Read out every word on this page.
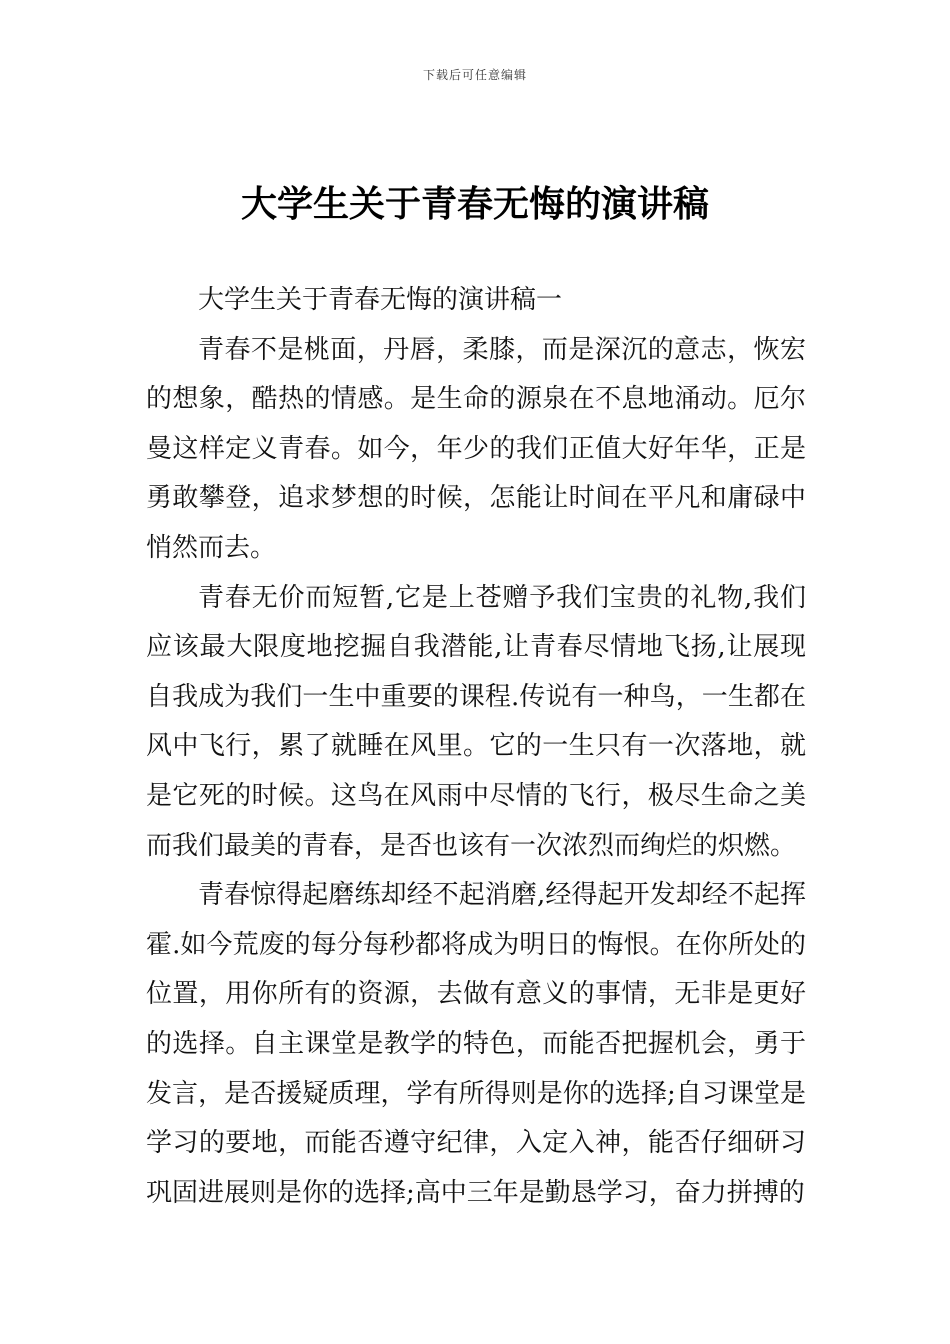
下载后可任意编辑
大学生关于青春无悔的演讲稿

大学生关于青春无悔的演讲稿一

青春不是桃面，丹唇，柔膝，而是深沉的意志，恢宏的想象，酷热的情感。是生命的源泉在不息地涌动。厄尔曼这样定义青春。如今，年少的我们正值大好年华，正是勇敢攀登，追求梦想的时候，怎能让时间在平凡和庸碌中悄然而去。

青春无价而短暂,它是上苍赠予我们宝贵的礼物,我们应该最大限度地挖掘自我潜能,让青春尽情地飞扬,让展现自我成为我们一生中重要的课程.传说有一种鸟，一生都在风中飞行，累了就睡在风里。它的一生只有一次落地，就是它死的时候。这鸟在风雨中尽情的飞行，极尽生命之美而我们最美的青春，是否也该有一次浓烈而绚烂的炽燃。

青春惊得起磨练却经不起消磨,经得起开发却经不起挥霍.如今荒废的每分每秒都将成为明日的悔恨。在你所处的位置，用你所有的资源，去做有意义的事情，无非是更好的选择。自主课堂是教学的特色，而能否把握机会，勇于发言，是否援疑质理，学有所得则是你的选择;自习课堂是学习的要地，而能否遵守纪律，入定入神，能否仔细研习巩固进展则是你的选择;高中三年是勤恳学习，奋力拼搏的
